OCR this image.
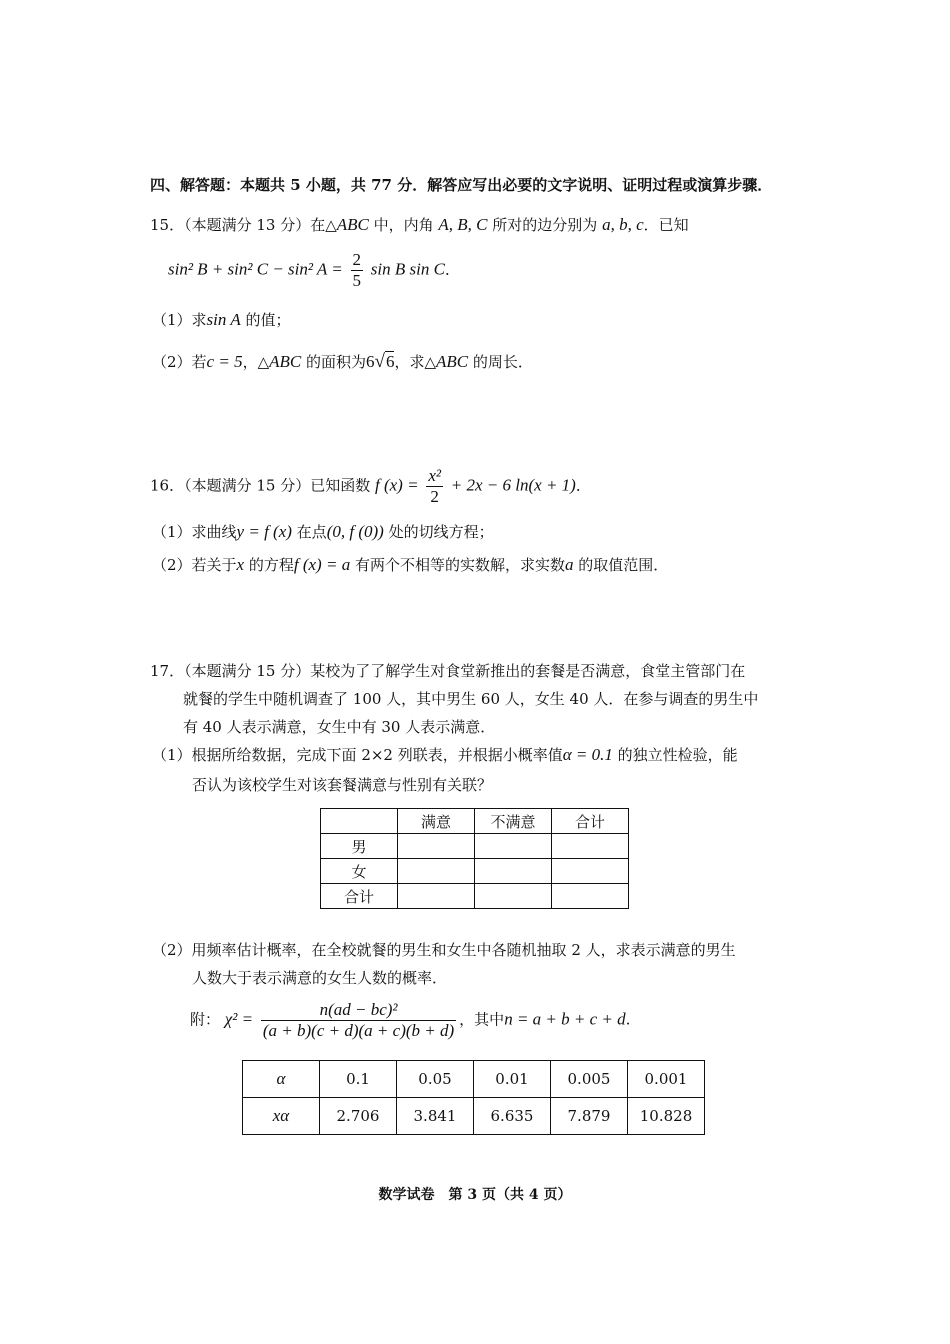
四、解答题：本题共 5 小题，共 77 分．解答应写出必要的文字说明、证明过程或演算步骤．
15．（本题满分 13 分）在△ABC 中，内角 A, B, C 所对的边分别为 a, b, c．已知
sin² B + sin² C − sin² $A = \frac{2}{5}$ sin B sin C．
（1）求sin A 的值；
（2）若c = 5，△ABC 的面积为6√6，求△ABC 的周长．
16．（本题满分 15 分）已知函数 f $(x) = \frac{\text{x²}}{2} + 2x - 6$ ln(x + 1)．
（1）求曲线y = f (x) 在点(0, f (0)) 处的切线方程；
（2）若关于x 的方程f (x) = a 有两个不相等的实数解，求实数a 的取值范围．
17．（本题满分 15 分）某校为了了解学生对食堂新推出的套餐是否满意，食堂主管部门在
就餐的学生中随机调查了 100 人，其中男生 60 人，女生 40 人．在参与调查的男生中
有 40 人表示满意，女生中有 30 人表示满意．
（1）根据所给数据，完成下面 2×2 列联表，并根据小概率值α = 0.1 的独立性检验，能
否认为该校学生对该套餐满意与性别有关联？
	满意	不满意	合计
男			
女			
合计			
（2）用频率估计概率，在全校就餐的男生和女生中各随机抽取 2 人，求表示满意的男生
人数大于表示满意的女生人数的概率．
附： $\chi^2 = \frac{\text{n(ad − bc)²}}{(a + b)(c + d)(a + c)(b + d)}$ ，其中n = a + b + c + d.
α	0.1	0.05	0.01	0.005	0.001
xα	2.706	3.841	6.635	7.879	10.828
数学试卷　第 3 页（共 4 页）
